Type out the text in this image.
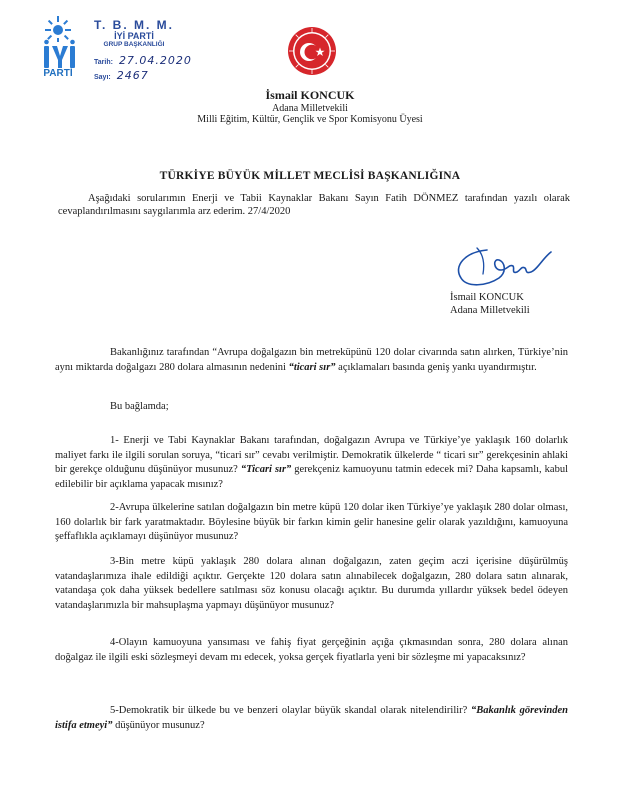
PARTİ
T. B. M. M.
İYİ PARTİ
GRUP BAŞKANLIĞI
Tarih: 27.04.2020
Sayı: 2467
İsmail KONCUK
Adana Milletvekili
Milli Eğitim, Kültür, Gençlik ve Spor Komisyonu Üyesi
TÜRKİYE BÜYÜK MİLLET MECLİSİ BAŞKANLIĞINA
Aşağıdaki sorularımın Enerji ve Tabii Kaynaklar Bakanı Sayın Fatih DÖNMEZ tarafından yazılı olarak cevaplandırılmasını saygılarımla arz ederim. 27/4/2020
İsmail KONCUK
Adana Milletvekili
Bakanlığınız tarafından “Avrupa doğalgazın bin metreküpünü 120 dolar civarında satın alırken, Türkiye’nin aynı miktarda doğalgazı 280 dolara almasının nedenini “ticari sır” açıklamaları basında geniş yankı uyandırmıştır.
Bu bağlamda;
1- Enerji ve Tabi Kaynaklar Bakanı tarafından, doğalgazın Avrupa ve Türkiye’ye yaklaşık 160 dolarlık maliyet farkı ile ilgili sorulan soruya, “ticari sır” cevabı verilmiştir. Demokratik ülkelerde “ ticari sır” gerekçesinin ahlaki bir gerekçe olduğunu düşünüyor musunuz? “Ticari sır” gerekçeniz kamuoyunu tatmin edecek mi? Daha kapsamlı, kabul edilebilir bir açıklama yapacak mısınız?
2-Avrupa ülkelerine satılan doğalgazın bin metre küpü 120 dolar iken Türkiye’ye yaklaşık 280 dolar olması, 160 dolarlık bir fark yaratmaktadır. Böylesine büyük bir farkın kimin gelir hanesine gelir olarak yazıldığını, kamuoyuna şeffaflıkla açıklamayı düşünüyor musunuz?
3-Bin metre küpü yaklaşık 280 dolara alınan doğalgazın, zaten geçim aczi içerisine düşürülmüş vatandaşlarımıza ihale edildiği açıktır. Gerçekte 120 dolara satın alınabilecek doğalgazın, 280 dolara satın alınarak, vatandaşa çok daha yüksek bedellere satılması söz konusu olacağı açıktır. Bu durumda yıllardır yüksek bedel ödeyen vatandaşlarımızla bir mahsuplaşma yapmayı düşünüyor musunuz?
4-Olayın kamuoyuna yansıması ve fahiş fiyat gerçeğinin açığa çıkmasından sonra, 280 dolara alınan doğalgaz ile ilgili eski sözleşmeyi devam mı edecek, yoksa gerçek fiyatlarla yeni bir sözleşme mi yapacaksınız?
5-Demokratik bir ülkede bu ve benzeri olaylar büyük skandal olarak nitelendirilir? “Bakanlık görevinden istifa etmeyi” düşünüyor musunuz?
